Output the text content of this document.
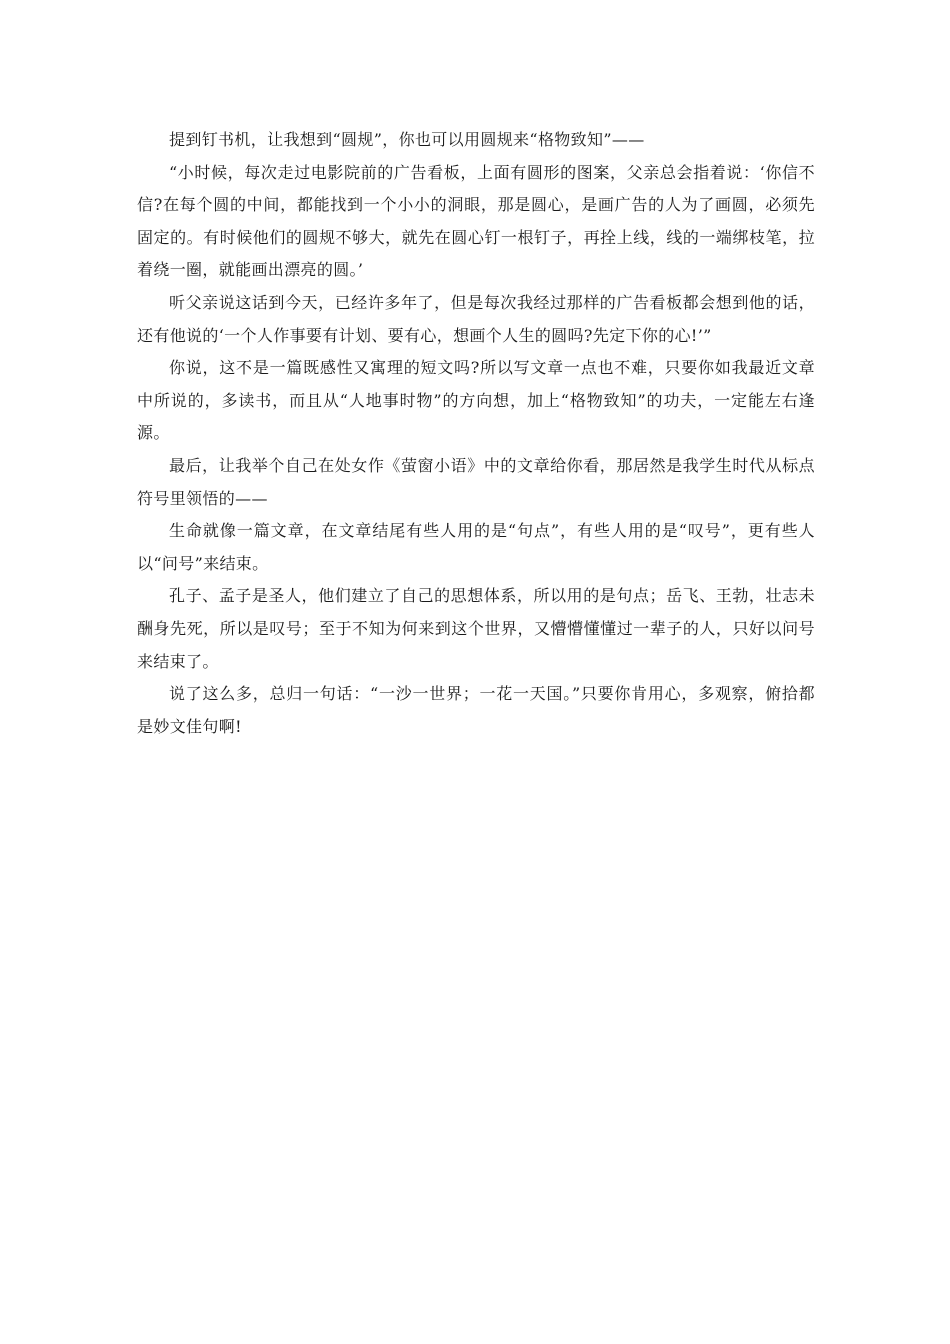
提到钉书机，让我想到“圆规”，你也可以用圆规来“格物致知”——

“小时候，每次走过电影院前的广告看板，上面有圆形的图案，父亲总会指着说：‘你信不信?在每个圆的中间，都能找到一个小小的洞眼，那是圆心，是画广告的人为了画圆，必须先固定的。有时候他们的圆规不够大，就先在圆心钉一根钉子，再拴上线，线的一端绑枝笔，拉着绕一圈，就能画出漂亮的圆。’

听父亲说这话到今天，已经许多年了，但是每次我经过那样的广告看板都会想到他的话，还有他说的‘一个人作事要有计划、要有心，想画个人生的圆吗?先定下你的心!’”

你说，这不是一篇既感性又寓理的短文吗?所以写文章一点也不难，只要你如我最近文章中所说的，多读书，而且从“人地事时物”的方向想，加上“格物致知”的功夫，一定能左右逢源。

最后，让我举个自己在处女作《萤窗小语》中的文章给你看，那居然是我学生时代从标点符号里领悟的——

生命就像一篇文章，在文章结尾有些人用的是“句点”，有些人用的是“叹号”，更有些人以“问号”来结束。

孔子、孟子是圣人，他们建立了自己的思想体系，所以用的是句点；岳飞、王勃，壮志未酬身先死，所以是叹号；至于不知为何来到这个世界，又懵懵懂懂过一辈子的人，只好以问号来结束了。

说了这么多，总归一句话：“一沙一世界；一花一天国。”只要你肯用心，多观察，俯拾都是妙文佳句啊!
